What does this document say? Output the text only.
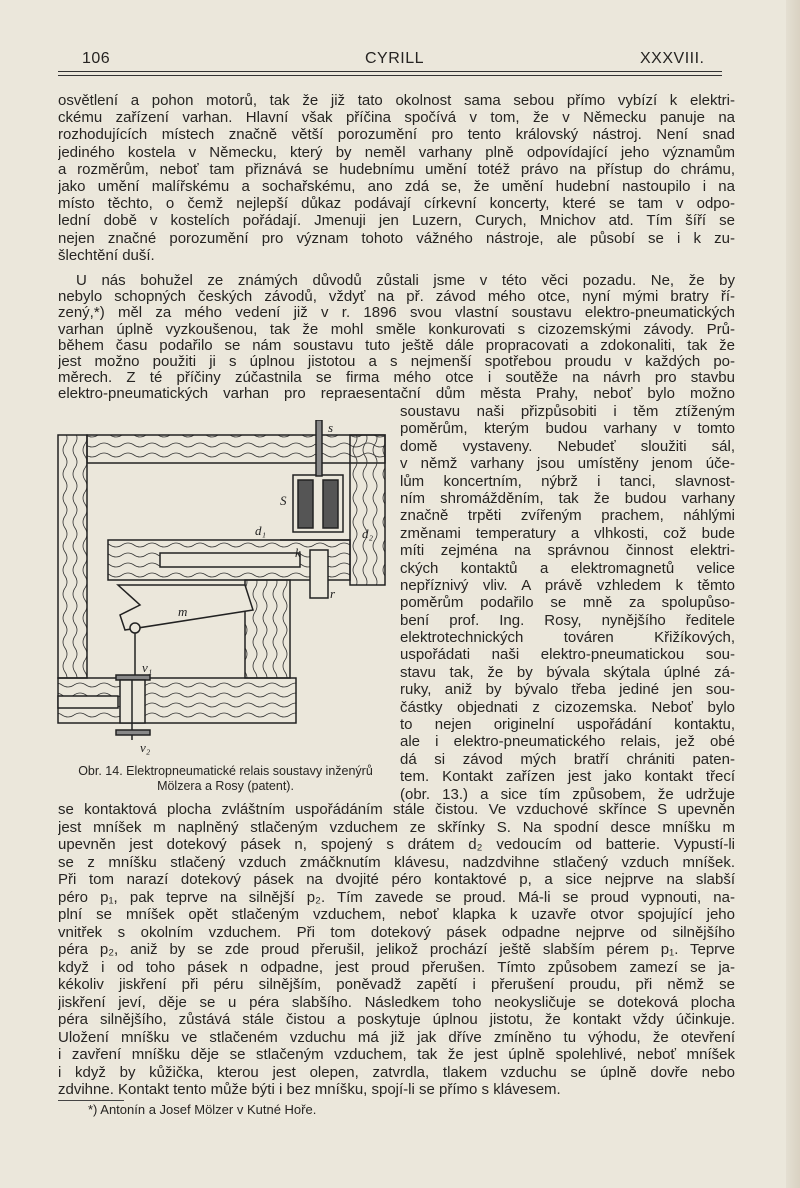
106	CYRILL	XXXVIII.
osvětlení a pohon motorů, tak že již tato okolnost sama sebou přímo vybízí k elektri-
ckému zařízení varhan. Hlavní však příčina spočívá v tom, že v Německu panuje na
rozhodujících místech značně větší porozumění pro tento královský nástroj. Není snad
jediného kostela v Německu, který by neměl varhany plně odpovídající jeho významům
a rozměrům, neboť tam přiznává se hudebnímu umění totéž právo na přístup do chrámu,
jako umění malířskému a sochařskému, ano zdá se, že umění hudební nastoupilo i na
místo těchto, o čemž nejlepší důkaz podávají církevní koncerty, které se tam v odpo-
lední době v kostelích pořádají. Jmenuji jen Luzern, Curych, Mnichov atd. Tím šíří se
nejen značné porozumění pro význam tohoto vážného nástroje, ale působí se i k zu-
šlechtění duší.
U nás bohužel ze známých důvodů zůstali jsme v této věci pozadu. Ne, že by
nebylo schopných českých závodů, vždyť na př. závod mého otce, nyní mými bratry ří-
zený,*) měl za mého vedení již v r. 1896 svou vlastní soustavu elektro-pneumatických
varhan úplně vyzkoušenou, tak že mohl směle konkurovati s cizozemskými závody. Prů-
během času podařilo se nám soustavu tuto ještě dále propracovati a zdokonaliti, tak že
jest možno použiti ji s úplnou jistotou a s nejmenší spotřebou proudu v každých po-
měrech. Z té příčiny zúčastnila se firma mého otce i soutěže na návrh pro stavbu
elektro-pneumatických varhan pro repraesentační dům města Prahy, neboť bylo možno
soustavu naši přizpůsobiti i těm ztíženým
poměrům, kterým budou varhany v tomto
domě vystaveny. Nebudeť sloužiti sál,
v němž varhany jsou umístěny jenom úče-
lům koncertním, nýbrž i tanci, slavnost-
ním shromážděním, tak že budou varhany
značně trpěti zvířeným prachem, náhlými
změnami temperatury a vlhkosti, což bude
míti zejména na správnou činnost elektri-
ckých kontaktů a elektromagnetů velice
nepříznivý vliv. A právě vzhledem k těmto
poměrům podařilo se mně za spolupůso-
bení prof. Ing. Rosy, nynějšího ředitele
elektrotechnických továren Křižíkových,
uspořádati naši elektro-pneumatickou sou-
stavu tak, že by bývala skýtala úplné zá-
ruky, aniž by bývalo třeba jediné jen sou-
částky objednati z cizozemska. Neboť bylo
to nejen originelní uspořádání kontaktu,
ale i elektro-pneumatického relais, jež obé
dá si závod mých bratří chrániti paten-
tem. Kontakt zařízen jest jako kontakt třecí
(obr. 13.) a sice tím způsobem, že udržuje
se kontaktová plocha zvláštním uspořádáním stále čistou. Ve vzduchové skřínce S upevněn
jest mníšek m naplněný stlačeným vzduchem ze skřínky S. Na spodní desce mníšku m
upevněn jest dotekový pásek n, spojený s drátem d₂ vedoucím od batterie. Vypustí-li
se z mníšku stlačený vzduch zmáčknutím klávesu, nadzdvihne stlačený vzduch mníšek.
Při tom narazí dotekový pásek na dvojité péro kontaktové p, a sice nejprve na slabší
péro p₁, pak teprve na silnější p₂. Tím zavede se proud. Má-li se proud vypnouti, na-
plní se mníšek opět stlačeným vzduchem, neboť klapka k uzavře otvor spojující jeho
vnitřek s okolním vzduchem. Při tom dotekový pásek odpadne nejprve od silnějšího
péra p₂, aniž by se zde proud přerušil, jelikož prochází ještě slabším pérem p₁. Teprve
když i od toho pásek n odpadne, jest proud přerušen. Tímto způsobem zamezí se ja-
kékoliv jiskření při péru silnějším, poněvadž zapětí i přerušení proudu, při němž se
jiskření jeví, děje se u péra slabšího. Následkem toho neokysličuje se doteková plocha
péra silnějšího, zůstává stále čistou a poskytuje úplnou jistotu, že kontakt vždy účinkuje.
Uložení mníšku ve stlačeném vzduchu má již jak dříve zmíněno tu výhodu, že otevření
i zavření mníšku děje se stlačeným vzduchem, tak že jest úplně spolehlivé, neboť mníšek
i když by kůžička, kterou jest olepen, zatvrdla, tlakem vzduchu se úplně dovře nebo
zdvihne. Kontakt tento může býti i bez mníšku, spojí-li se přímo s klávesem.
s
S
d₁	d₂
k
r
m
v₁
v₂
Obr. 14. Elektropneumatické relais soustavy inženýrů
Mölzera a Rosy (patent).
*) Antonín a Josef Mölzer v Kutné Hoře.
